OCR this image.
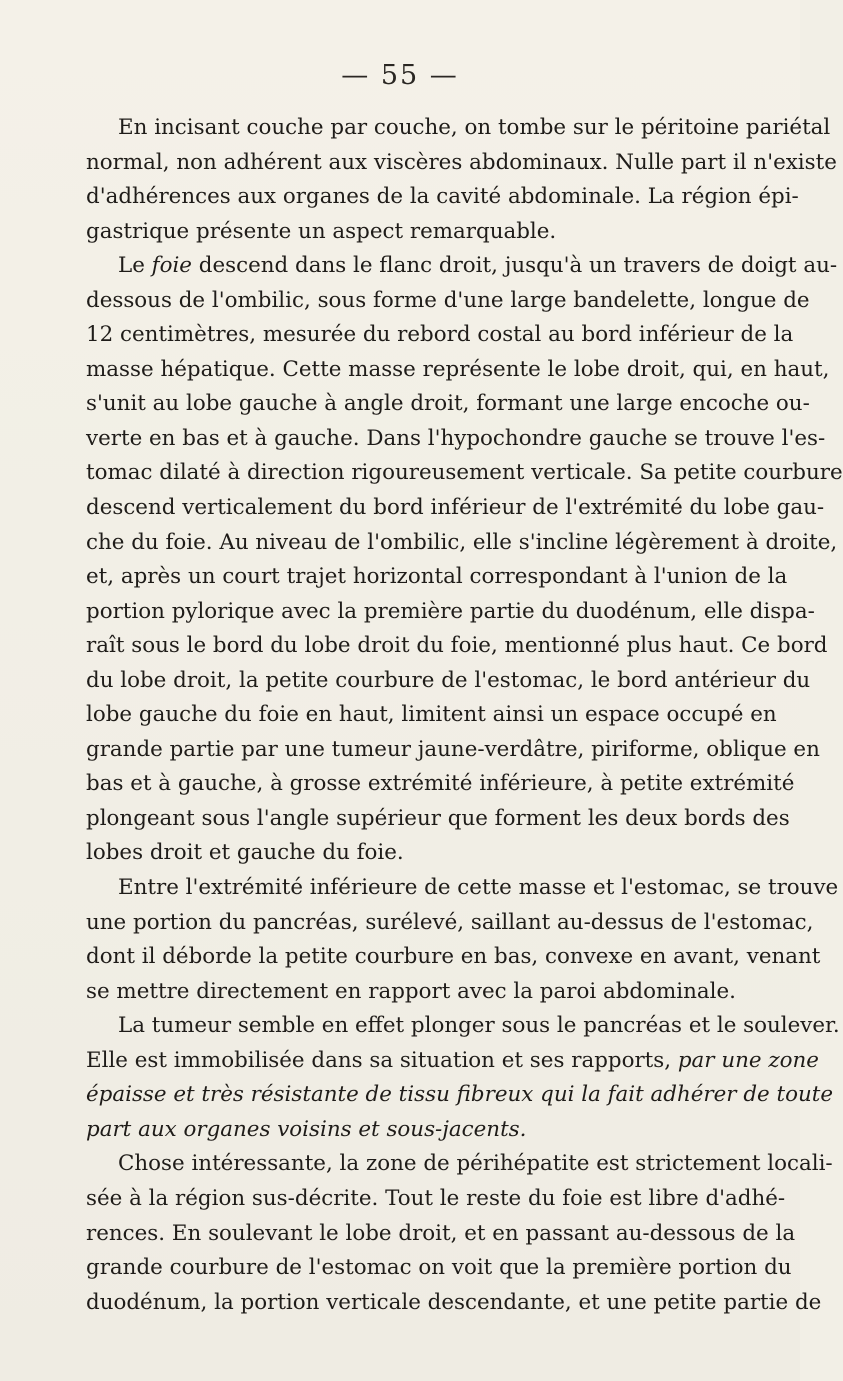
— 55 —

En incisant couche par couche, on tombe sur le péritoine pariétal
normal, non adhérent aux viscères abdominaux. Nulle part il n'existe
d'adhérences aux organes de la cavité abdominale. La région épi-
gastrique présente un aspect remarquable.

Le foie descend dans le flanc droit, jusqu'à un travers de doigt au-
dessous de l'ombilic, sous forme d'une large bandelette, longue de
12 centimètres, mesurée du rebord costal au bord inférieur de la
masse hépatique. Cette masse représente le lobe droit, qui, en haut,
s'unit au lobe gauche à angle droit, formant une large encoche ou-
verte en bas et à gauche. Dans l'hypochondre gauche se trouve l'es-
tomac dilaté à direction rigoureusement verticale. Sa petite courbure
descend verticalement du bord inférieur de l'extrémité du lobe gau-
che du foie. Au niveau de l'ombilic, elle s'incline légèrement à droite,
et, après un court trajet horizontal correspondant à l'union de la
portion pylorique avec la première partie du duodénum, elle dispa-
raît sous le bord du lobe droit du foie, mentionné plus haut. Ce bord
du lobe droit, la petite courbure de l'estomac, le bord antérieur du
lobe gauche du foie en haut, limitent ainsi un espace occupé en
grande partie par une tumeur jaune-verdâtre, piriforme, oblique en
bas et à gauche, à grosse extrémité inférieure, à petite extrémité
plongeant sous l'angle supérieur que forment les deux bords des
lobes droit et gauche du foie.

Entre l'extrémité inférieure de cette masse et l'estomac, se trouve
une portion du pancréas, surélevé, saillant au-dessus de l'estomac,
dont il déborde la petite courbure en bas, convexe en avant, venant
se mettre directement en rapport avec la paroi abdominale.

La tumeur semble en effet plonger sous le pancréas et le soulever.
Elle est immobilisée dans sa situation et ses rapports, par une zone
épaisse et très résistante de tissu fibreux qui la fait adhérer de toute
part aux organes voisins et sous-jacents.

Chose intéressante, la zone de périhépatite est strictement locali-
sée à la région sus-décrite. Tout le reste du foie est libre d'adhé-
rences. En soulevant le lobe droit, et en passant au-dessous de la
grande courbure de l'estomac on voit que la première portion du
duodénum, la portion verticale descendante, et une petite partie de
